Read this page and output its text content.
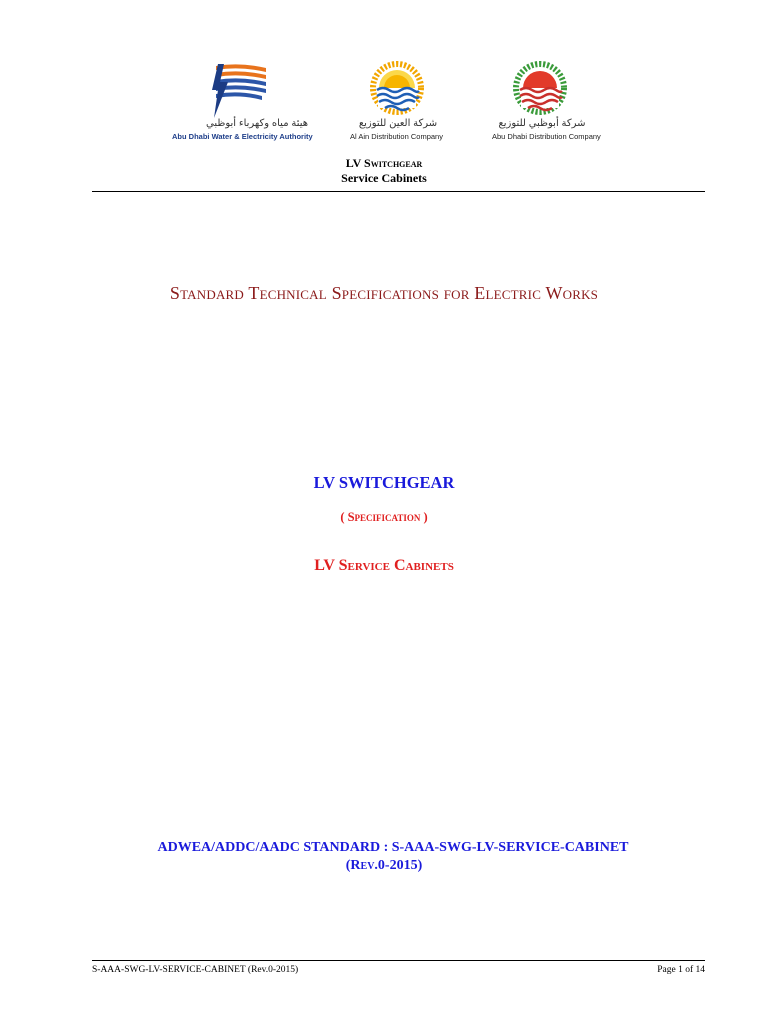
هيئة مياه وكهرباء أبوظبي
Abu Dhabi Water & Electricity Authority
شركة العين للتوزيع
Al Ain Distribution Company
شركة أبوظبي للتوزيع
Abu Dhabi Distribution Company
LV Switchgear
Service Cabinets
Standard Technical Specifications for Electric Works
LV SWITCHGEAR
( Specification )
LV Service Cabinets
ADWEA/ADDC/AADC STANDARD : S-AAA-SWG-LV-SERVICE-CABINET
(Rev.0-2015)
S-AAA-SWG-LV-SERVICE-CABINET (Rev.0-2015)	Page 1 of 14
